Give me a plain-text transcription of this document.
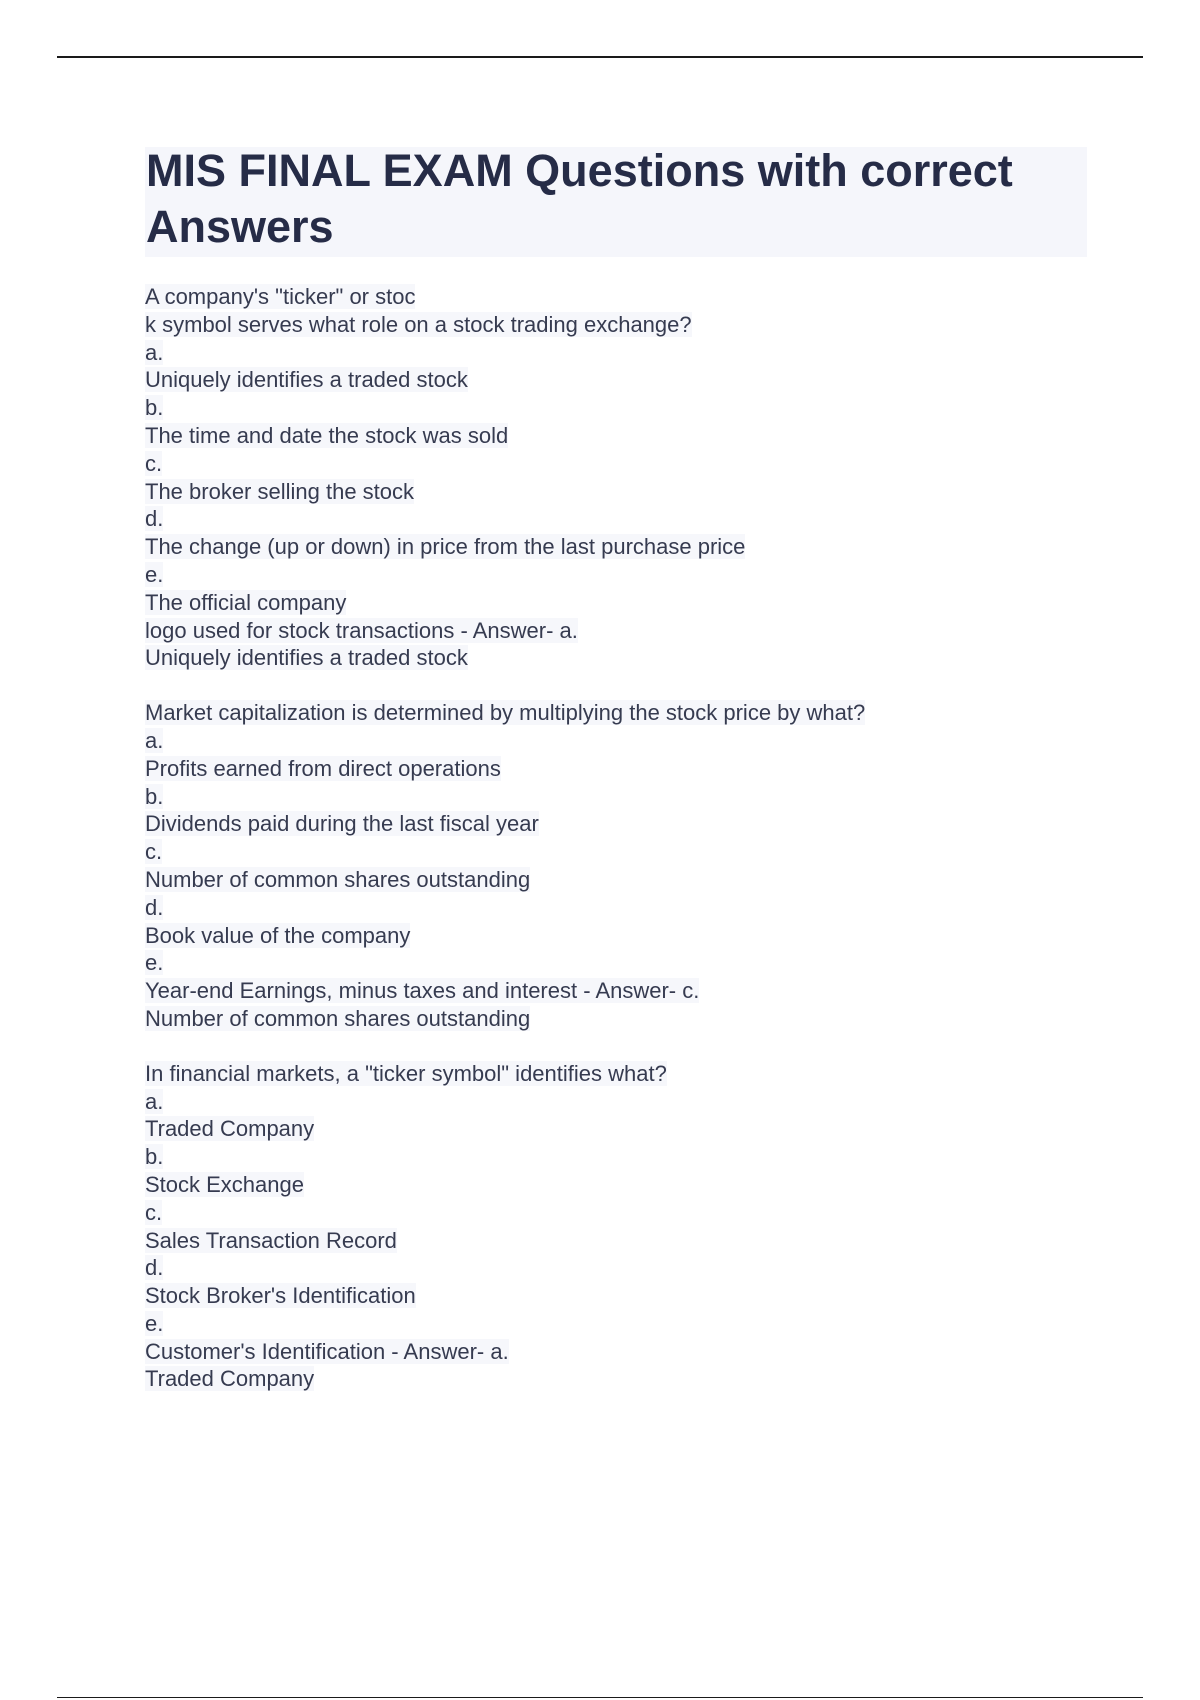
MIS FINAL EXAM Questions with correct Answers
A company's "ticker" or stoc
k symbol serves what role on a stock trading exchange?
a.
Uniquely identifies a traded stock
b.
The time and date the stock was sold
c.
The broker selling the stock
d.
The change (up or down) in price from the last purchase price
e.
The official company
logo used for stock transactions - Answer- a.
Uniquely identifies a traded stock
Market capitalization is determined by multiplying the stock price by what?
a.
Profits earned from direct operations
b.
Dividends paid during the last fiscal year
c.
Number of common shares outstanding
d.
Book value of the company
e.
Year-end Earnings, minus taxes and interest - Answer- c.
Number of common shares outstanding
In financial markets, a "ticker symbol" identifies what?
a.
Traded Company
b.
Stock Exchange
c.
Sales Transaction Record
d.
Stock Broker's Identification
e.
Customer's Identification - Answer- a.
Traded Company
